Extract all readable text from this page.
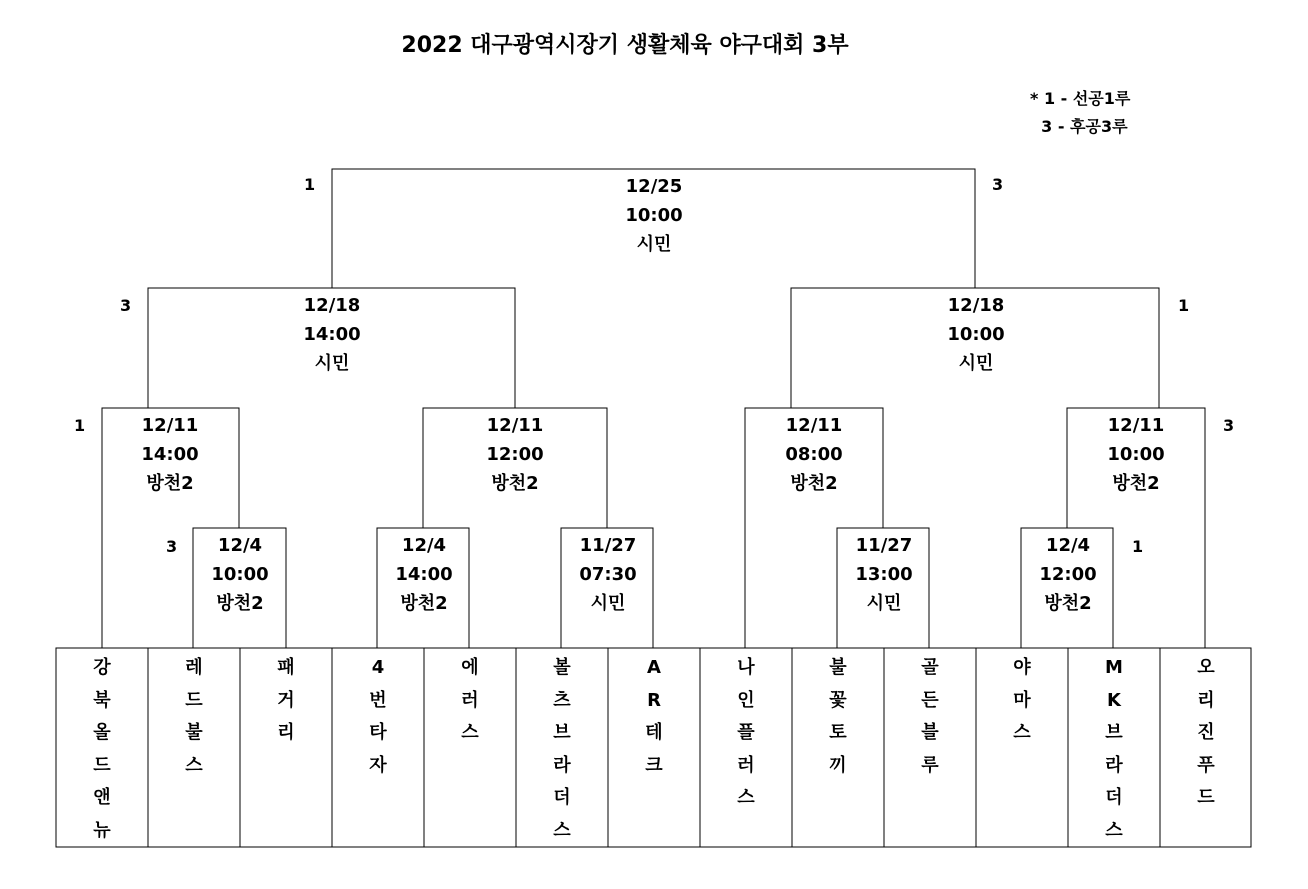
2022 대구광역시장기 생활체육 야구대회 3부
* 1 - 선공1루
3 - 후공3루
12/25
10:00
시민
1	3
12/18
14:00
시민
3	12/18
10:00
시민
1
12/11
14:00
방천2
1	12/11
12:00
방천2
12/11
08:00
방천2
12/11
10:00
방천2
3
12/4
10:00
방천2
3	12/4
14:00
방천2
11/27
07:30
시민
11/27
13:00
시민
12/4
12:00
방천2
1
강
북
올
드
앤
뉴
레
드
불
스
패
거
리
4
번
타
자
에
러
스
볼
츠
브
라
더
스
A
R
테
크
나
인
플
러
스
불
꽃
토
끼
골
든
블
루
야
마
스
M
K
브
라
더
스
오
리
진
푸
드
